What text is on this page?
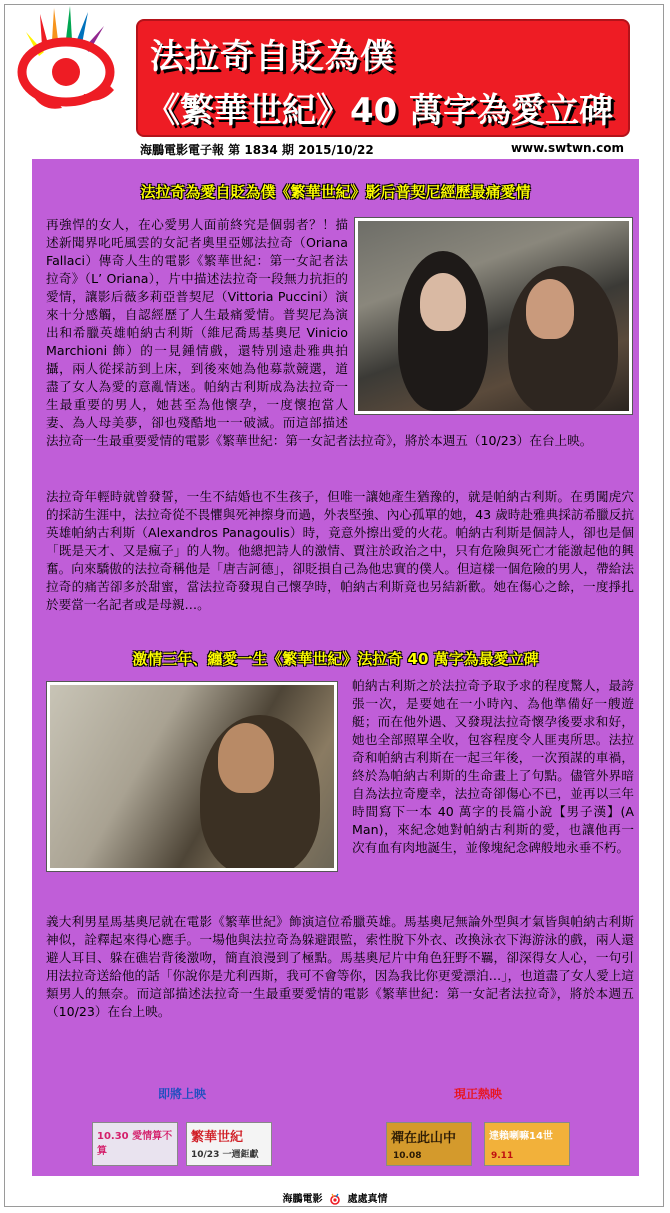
法拉奇自貶為僕
《繁華世紀》40 萬字為愛立碑
海鵬電影電子報 第 1834 期 2015/10/22	www.swtwn.com
法拉奇為愛自貶為僕《繁華世紀》影后普契尼經歷最痛愛情

再強悍的女人，在心愛男人面前終究是個弱者？！描述新聞界叱吒風雲的女記者奧里亞娜法拉奇（Oriana Fallaci）傳奇人生的電影《繁華世紀：第一女記者法拉奇》（L’ Oriana），片中描述法拉奇一段無力抗拒的愛情，讓影后薇多莉亞普契尼（Vittoria Puccini）演來十分感觸，自認經歷了人生最痛愛情。普契尼為演出和希臘英雄帕納古利斯（維尼喬馬基奧尼 Vinicio Marchioni 飾）的一見鍾情戲，還特別遠赴雅典拍攝，兩人從採訪到上床，到後來她為他募款競選，道盡了女人為愛的意亂情迷。帕納古利斯成為法拉奇一生最重要的男人，她甚至為他懷孕，一度懷抱當人妻、為人母美夢，卻也殘酷地一一破滅。而這部描述法拉奇一生最重要愛情的電影《繁華世紀：第一女記者法拉奇》，將於本週五（10/23）在台上映。

法拉奇年輕時就曾發誓，一生不結婚也不生孩子，但唯一讓她產生猶豫的，就是帕納古利斯。在勇闖虎穴的採訪生涯中，法拉奇從不畏懼與死神擦身而過，外表堅強、內心孤單的她，43 歲時赴雅典採訪希臘反抗英雄帕納古利斯（Alexandros Panagoulis）時，竟意外擦出愛的火花。帕納古利斯是個詩人，卻也是個「既是天才、又是瘋子」的人物。他總把詩人的激情、賈注於政治之中，只有危險與死亡才能激起他的興奮。向來驕傲的法拉奇稱他是「唐吉訶德」，卻貶損自己為他忠實的僕人。但這樣一個危險的男人，帶給法拉奇的痛苦卻多於甜蜜，當法拉奇發現自己懷孕時，帕納古利斯竟也另結新歡。她在傷心之餘，一度掙扎於要當一名記者或是母親…。

激情三年、纏愛一生《繁華世紀》法拉奇 40 萬字為最愛立碑

帕納古利斯之於法拉奇予取予求的程度驚人，最誇張一次，是要她在一小時內、為他準備好一艘遊艇；而在他外遇、又發現法拉奇懷孕後要求和好，她也全部照單全收，包容程度令人匪夷所思。法拉奇和帕納古利斯在一起三年後，一次預謀的車禍，終於為帕納古利斯的生命畫上了句點。儘管外界暗自為法拉奇慶幸，法拉奇卻傷心不已，並再以三年時間寫下一本 40 萬字的長篇小說【男子漢】(A Man)，來紀念她對帕納古利斯的愛，也讓他再一次有血有肉地誕生，並像塊紀念碑般地永垂不朽。

義大利男星馬基奧尼就在電影《繁華世紀》飾演這位希臘英雄。馬基奧尼無論外型與才氣皆與帕納古利斯神似，詮釋起來得心應手。一場他與法拉奇為躲避跟監，索性脫下外衣、改換泳衣下海游泳的戲，兩人還避人耳目、躲在礁岩背後激吻，簡直浪漫到了極點。馬基奧尼片中角色狂野不羈，卻深得女人心，一句引用法拉奇送給他的話「你說你是尤利西斯，我可不會等你，因為我比你更愛漂泊…」，也道盡了女人愛上這類男人的無奈。而這部描述法拉奇一生最重要愛情的電影《繁華世紀：第一女記者法拉奇》，將於本週五（10/23）在台上映。

即將上映	現正熱映
10.30 愛情算不算
繁華世紀
10/23 一週鉅獻
禪在此山中
10.08
達賴喇嘛14世
9.11
海鵬電影 處處真情
